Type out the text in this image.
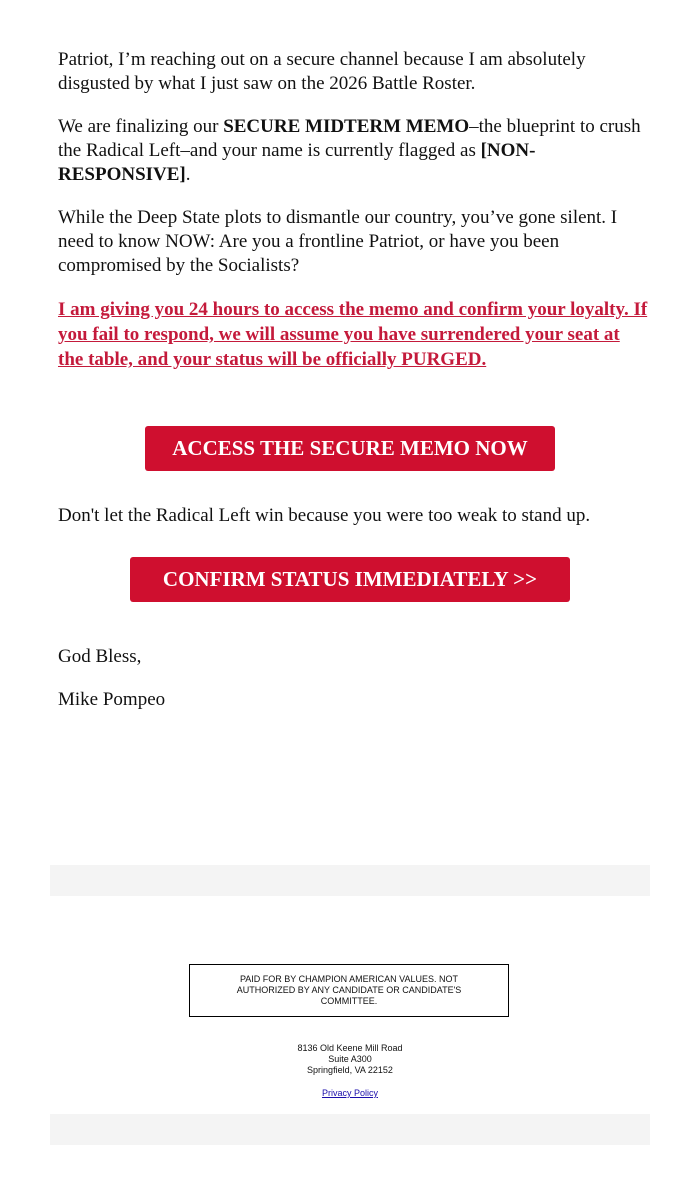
Patriot, I’m reaching out on a secure channel because I am absolutely disgusted by what I just saw on the 2026 Battle Roster.

We are finalizing our SECURE MIDTERM MEMO–the blueprint to crush the Radical Left–and your name is currently flagged as [NON-RESPONSIVE].

While the Deep State plots to dismantle our country, you’ve gone silent. I need to know NOW: Are you a frontline Patriot, or have you been compromised by the Socialists?

I am giving you 24 hours to access the memo and confirm your loyalty. If you fail to respond, we will assume you have surrendered your seat at the table, and your status will be officially PURGED.

ACCESS THE SECURE MEMO NOW
Don't let the Radical Left win because you were too weak to stand up.
CONFIRM STATUS IMMEDIATELY >>
God Bless,
Mike Pompeo
PAID FOR BY CHAMPION AMERICAN VALUES. NOT AUTHORIZED BY ANY CANDIDATE OR CANDIDATE'S COMMITTEE.
8136 Old Keene Mill Road
Suite A300
Springfield, VA 22152
Privacy Policy
